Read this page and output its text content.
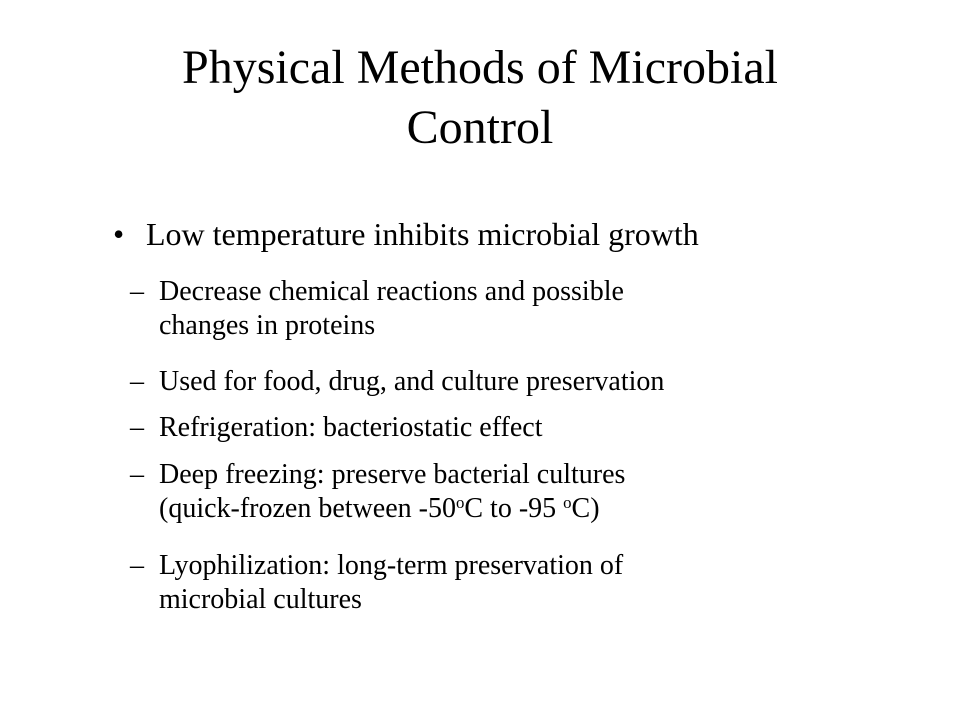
Physical Methods of Microbial
Control
• Low temperature inhibits microbial growth
– Decrease chemical reactions and possible
changes in proteins
– Used for food, drug, and culture preservation
– Refrigeration: bacteriostatic effect
– Deep freezing: preserve bacterial cultures
(quick-frozen between -50$^o$C to -95 $^o$C)
– Lyophilization: long-term preservation of
microbial cultures
